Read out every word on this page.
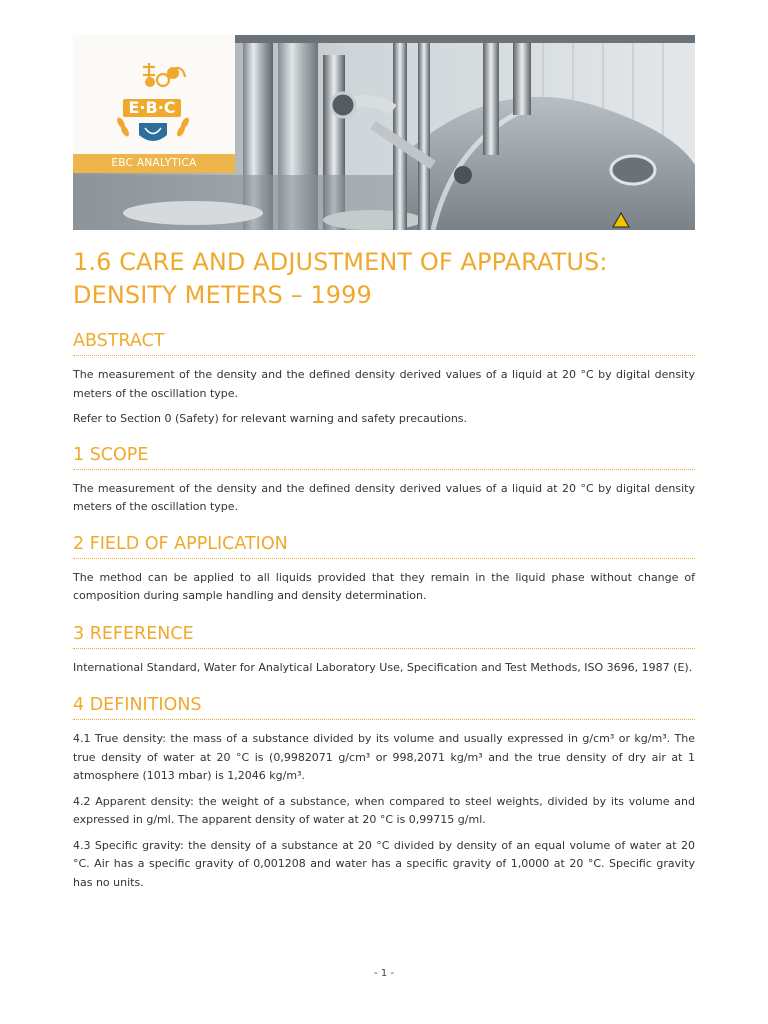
E·B·C
EBC ANALYTICA
1.6 CARE AND ADJUSTMENT OF APPARATUS:
DENSITY METERS – 1999
ABSTRACT

The measurement of the density and the defined density derived values of a liquid at 20 °C by digital density meters of the oscillation type.

Refer to Section 0 (Safety) for relevant warning and safety precautions.

1 SCOPE

The measurement of the density and the defined density derived values of a liquid at 20 °C by digital density meters of the oscillation type.

2 FIELD OF APPLICATION

The method can be applied to all liquids provided that they remain in the liquid phase without change of composition during sample handling and density determination.

3 REFERENCE

International Standard, Water for Analytical Laboratory Use, Specification and Test Methods, ISO 3696, 1987 (E).

4 DEFINITIONS

4.1 True density: the mass of a substance divided by its volume and usually expressed in g/cm³ or kg/m³. The true density of water at 20 °C is (0,9982071 g/cm³ or 998,2071 kg/m³ and the true density of dry air at 1 atmosphere (1013 mbar) is 1,2046 kg/m³.

4.2 Apparent density: the weight of a substance, when compared to steel weights, divided by its volume and expressed in g/ml. The apparent density of water at 20 °C is 0,99715 g/ml.

4.3 Specific gravity: the density of a substance at 20 °C divided by density of an equal volume of water at 20 °C. Air has a specific gravity of 0,001208 and water has a specific gravity of 1,0000 at 20 °C. Specific gravity has no units.

- 1 -
